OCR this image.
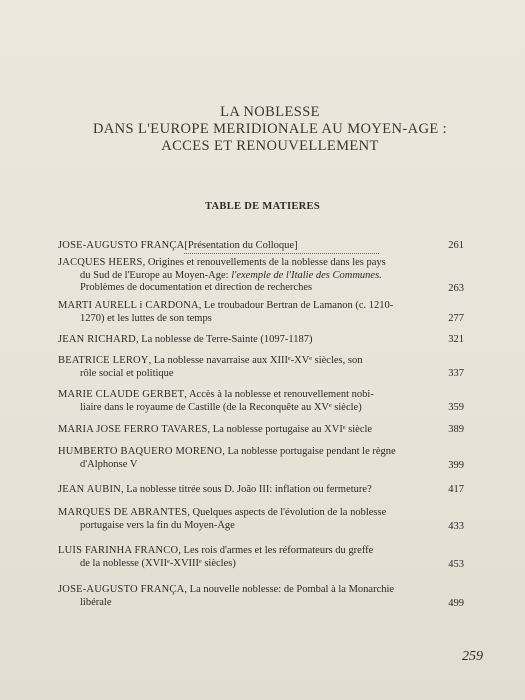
LA NOBLESSE
DANS L'EUROPE MERIDIONALE AU MOYEN-AGE :
ACCES ET RENOUVELLEMENT
TABLE DE MATIERES
JOSE-AUGUSTO FRANÇA[Présentation du Colloque]	261
JACQUES HEERS, Origines et renouvellements de la noblesse dans les pays
du Sud de l'Europe au Moyen-Age: l'exemple de l'Italie des Communes.
Problèmes de documentation et direction de recherches	263
MARTI AURELL i CARDONA, Le troubadour Bertran de Lamanon (c. 1210-
1270) et les luttes de son temps	277
JEAN RICHARD, La noblesse de Terre-Sainte (1097-1187)	321
BEATRICE LEROY, La noblesse navarraise aux XIIIᵉ-XVᵉ siècles, son
rôle social et politique	337
MARIE CLAUDE GERBET, Accès à la noblesse et renouvellement nobi-
liaire dans le royaume de Castille (de la Reconquête au XVᵉ siècle)	359
MARIA JOSE FERRO TAVARES, La noblesse portugaise au XVIᵉ siècle	389
HUMBERTO BAQUERO MORENO, La noblesse portugaise pendant le règne
d'Alphonse V	399
JEAN AUBIN, La noblesse titrée sous D. João III: inflation ou fermeture?	417
MARQUÊS DE ABRANTES, Quelques aspects de l'évolution de la noblesse
portugaise vers la fin du Moyen-Âge	433
LUÍS FARINHA FRANCO, Les rois d'armes et les réformateurs du greffe
de la noblesse (XVIIᵉ-XVIIIᵉ siècles)	453
JOSE-AUGUSTO FRANÇA, La nouvelle noblesse: de Pombal à la Monarchie
libérale	499
259
